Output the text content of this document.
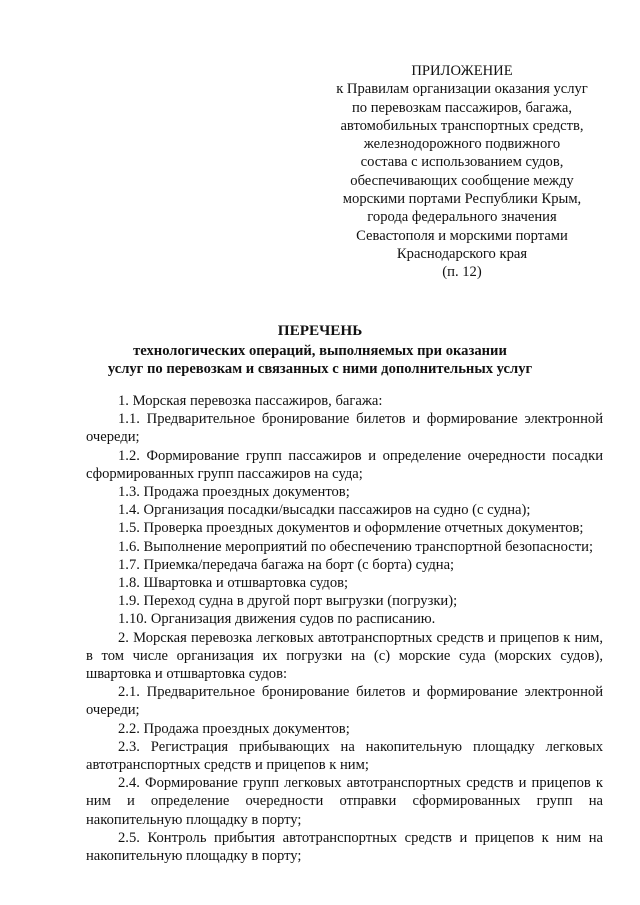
ПРИЛОЖЕНИЕ
к Правилам организации оказания услуг
по перевозкам пассажиров, багажа,
автомобильных транспортных средств,
железнодорожного подвижного
состава с использованием судов,
обеспечивающих сообщение между
морскими портами Республики Крым,
города федерального значения
Севастополя и морскими портами
Краснодарского края
(п. 12)
ПЕРЕЧЕНЬ
технологических операций, выполняемых при оказании
услуг по перевозкам и связанных с ними дополнительных услуг

1. Морская перевозка пассажиров, багажа:

1.1. Предварительное бронирование билетов и формирование электронной очереди;

1.2. Формирование групп пассажиров и определение очередности посадки сформированных групп пассажиров на суда;

1.3. Продажа проездных документов;

1.4. Организация посадки/высадки пассажиров на судно (с судна);

1.5. Проверка проездных документов и оформление отчетных документов;

1.6. Выполнение мероприятий по обеспечению транспортной безопасности;

1.7. Приемка/передача багажа на борт (с борта) судна;

1.8. Швартовка и отшвартовка судов;

1.9. Переход судна в другой порт выгрузки (погрузки);

1.10. Организация движения судов по расписанию.

2. Морская перевозка легковых автотранспортных средств и прицепов к ним, в том числе организация их погрузки на (с) морские суда (морских судов), швартовка и отшвартовка судов:

2.1. Предварительное бронирование билетов и формирование электронной очереди;

2.2. Продажа проездных документов;

2.3. Регистрация прибывающих на накопительную площадку легковых автотранспортных средств и прицепов к ним;

2.4. Формирование групп легковых автотранспортных средств и прицепов к ним и определение очередности отправки сформированных групп на накопительную площадку в порту;

2.5. Контроль прибытия автотранспортных средств и прицепов к ним на накопительную площадку в порту;
